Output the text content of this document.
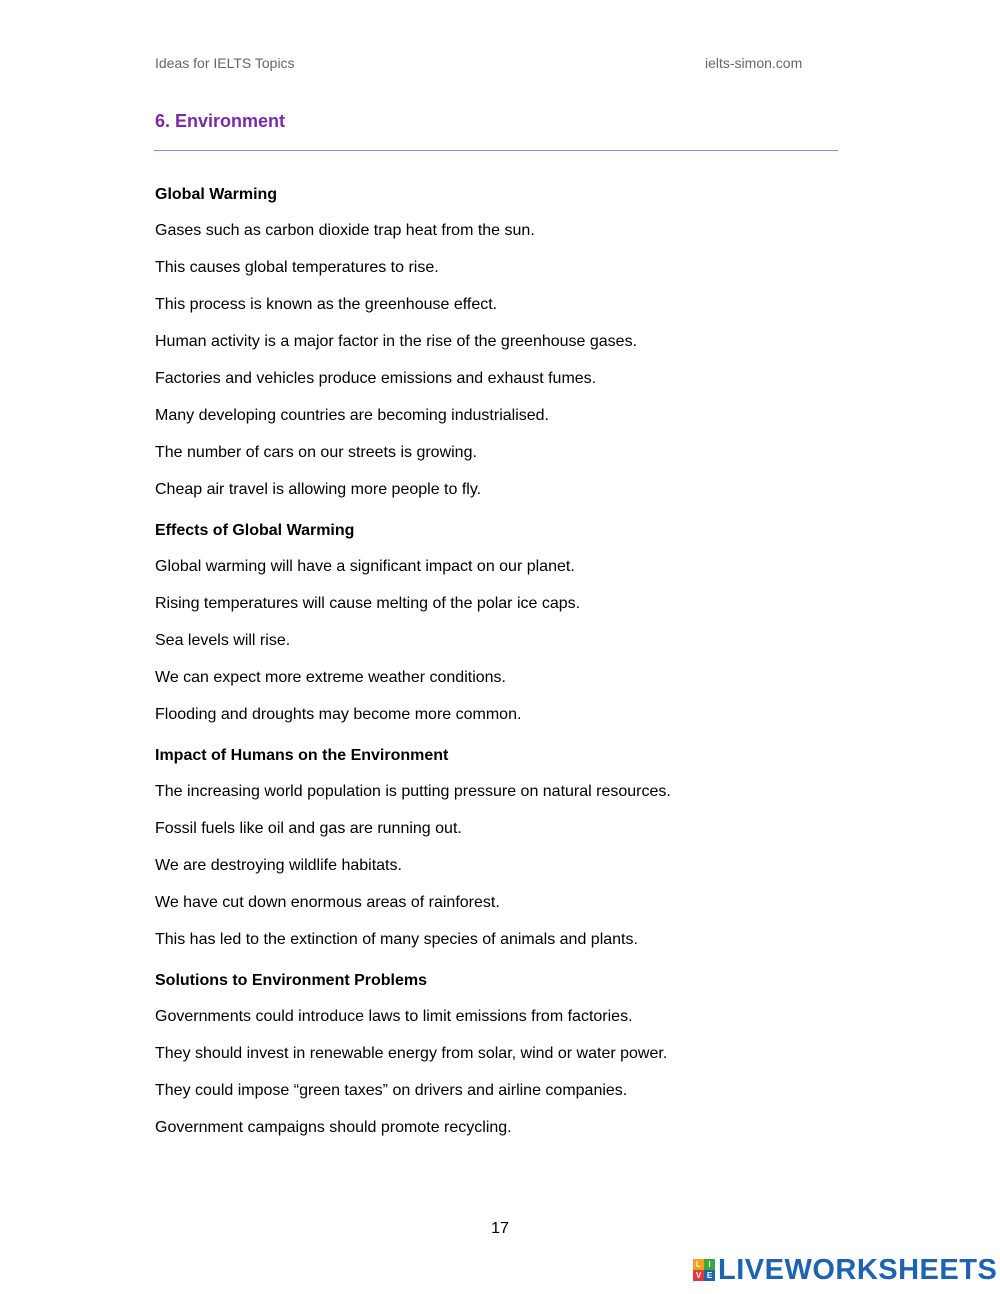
Ideas for IELTS Topics	ielts-simon.com
6. Environment
Global Warming

Gases such as carbon dioxide trap heat from the sun.

This causes global temperatures to rise.

This process is known as the greenhouse effect.

Human activity is a major factor in the rise of the greenhouse gases.

Factories and vehicles produce emissions and exhaust fumes.

Many developing countries are becoming industrialised.

The number of cars on our streets is growing.

Cheap air travel is allowing more people to fly.

Effects of Global Warming

Global warming will have a significant impact on our planet.

Rising temperatures will cause melting of the polar ice caps.

Sea levels will rise.

We can expect more extreme weather conditions.

Flooding and droughts may become more common.

Impact of Humans on the Environment

The increasing world population is putting pressure on natural resources.

Fossil fuels like oil and gas are running out.

We are destroying wildlife habitats.

We have cut down enormous areas of rainforest.

This has led to the extinction of many species of animals and plants.

Solutions to Environment Problems

Governments could introduce laws to limit emissions from factories.

They should invest in renewable energy from solar, wind or water power.

They could impose “green taxes” on drivers and airline companies.

Government campaigns should promote recycling.

17
L I
V E LIVEWORKSHEETS
